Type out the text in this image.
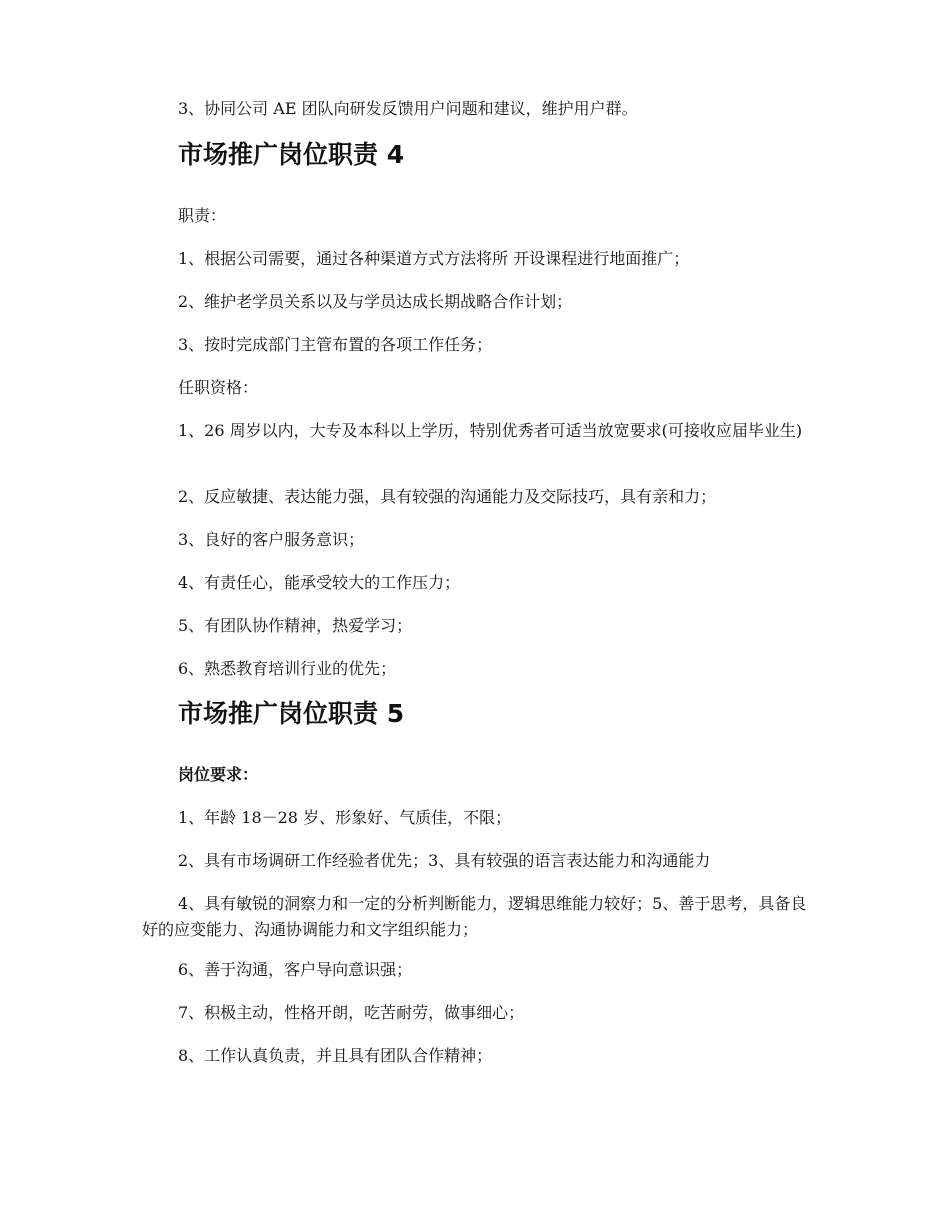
3、协同公司 AE 团队向研发反馈用户问题和建议，维护用户群。
市场推广岗位职责 4
职责：
1、根据公司需要，通过各种渠道方式方法将所 开设课程进行地面推广；
2、维护老学员关系以及与学员达成长期战略合作计划；
3、按时完成部门主管布置的各项工作任务；
任职资格：
1、26 周岁以内，大专及本科以上学历，特别优秀者可适当放宽要求(可接收应届毕业生)
2、反应敏捷、表达能力强，具有较强的沟通能力及交际技巧，具有亲和力；
3、良好的客户服务意识；
4、有责任心，能承受较大的工作压力；
5、有团队协作精神，热爱学习；
6、熟悉教育培训行业的优先；
市场推广岗位职责 5
岗位要求：
1、年龄 18－28 岁、形象好、气质佳，不限；
2、具有市场调研工作经验者优先；3、具有较强的语言表达能力和沟通能力
4、具有敏锐的洞察力和一定的分析判断能力，逻辑思维能力较好；5、善于思考，具备良好的应变能力、沟通协调能力和文字组织能力；
6、善于沟通，客户导向意识强；
7、积极主动，性格开朗，吃苦耐劳，做事细心；
8、工作认真负责，并且具有团队合作精神；
